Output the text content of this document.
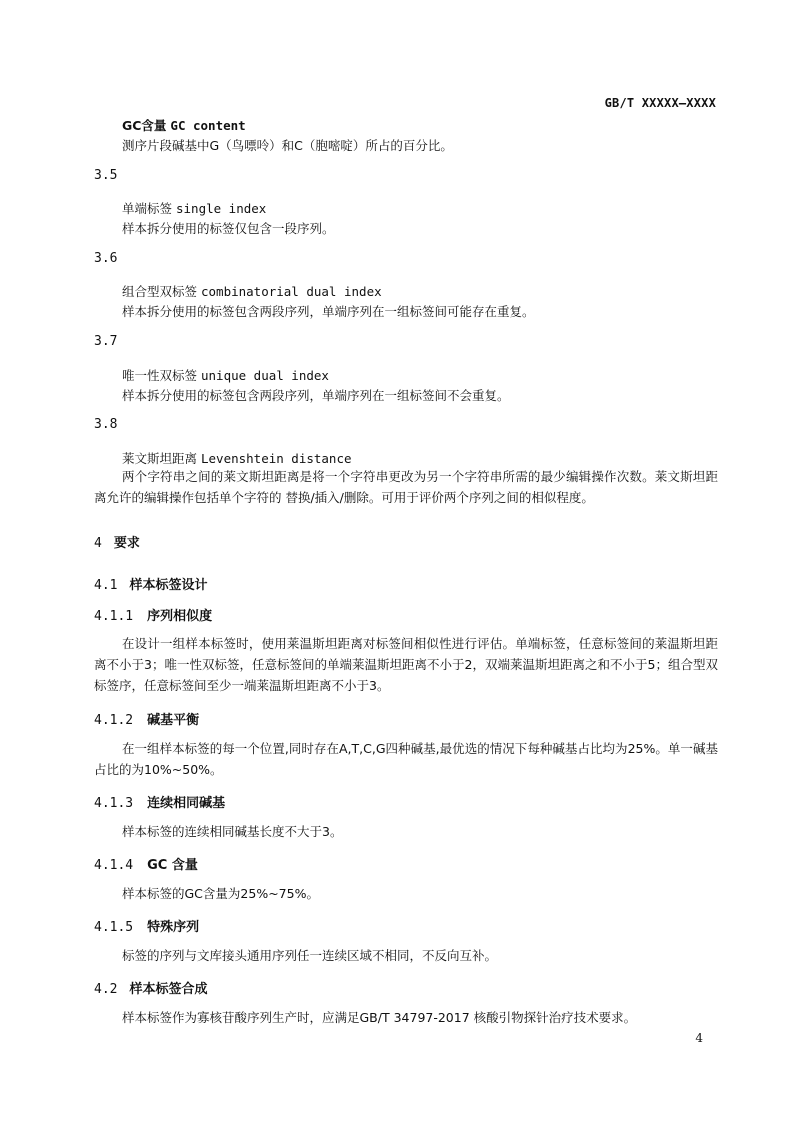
GB/T XXXXX—XXXX
GC含量 GC content
测序片段碱基中G（鸟嘌呤）和C（胞嘧啶）所占的百分比。
3.5
单端标签 single index
样本拆分使用的标签仅包含一段序列。
3.6
组合型双标签 combinatorial dual index
样本拆分使用的标签包含两段序列，单端序列在一组标签间可能存在重复。
3.7
唯一性双标签 unique dual index
样本拆分使用的标签包含两段序列，单端序列在一组标签间不会重复。
3.8
莱文斯坦距离 Levenshtein distance
两个字符串之间的莱文斯坦距离是将一个字符串更改为另一个字符串所需的最少编辑操作次数。莱文斯坦距离允许的编辑操作包括单个字符的 替换/插入/删除。可用于评价两个序列之间的相似程度。
4 要求
4.1 样本标签设计
4.1.1 序列相似度
在设计一组样本标签时，使用莱温斯坦距离对标签间相似性进行评估。单端标签，任意标签间的莱温斯坦距离不小于3；唯一性双标签，任意标签间的单端莱温斯坦距离不小于2，双端莱温斯坦距离之和不小于5；组合型双标签序，任意标签间至少一端莱温斯坦距离不小于3。
4.1.2 碱基平衡
在一组样本标签的每一个位置,同时存在A,T,C,G四种碱基,最优选的情况下每种碱基占比均为25%。单一碱基占比的为10%~50%。
4.1.3 连续相同碱基
样本标签的连续相同碱基长度不大于3。
4.1.4 GC 含量
样本标签的GC含量为25%~75%。
4.1.5 特殊序列
标签的序列与文库接头通用序列任一连续区域不相同，不反向互补。
4.2 样本标签合成
样本标签作为寡核苷酸序列生产时，应满足GB/T 34797-2017 核酸引物探针治疗技术要求。
4
